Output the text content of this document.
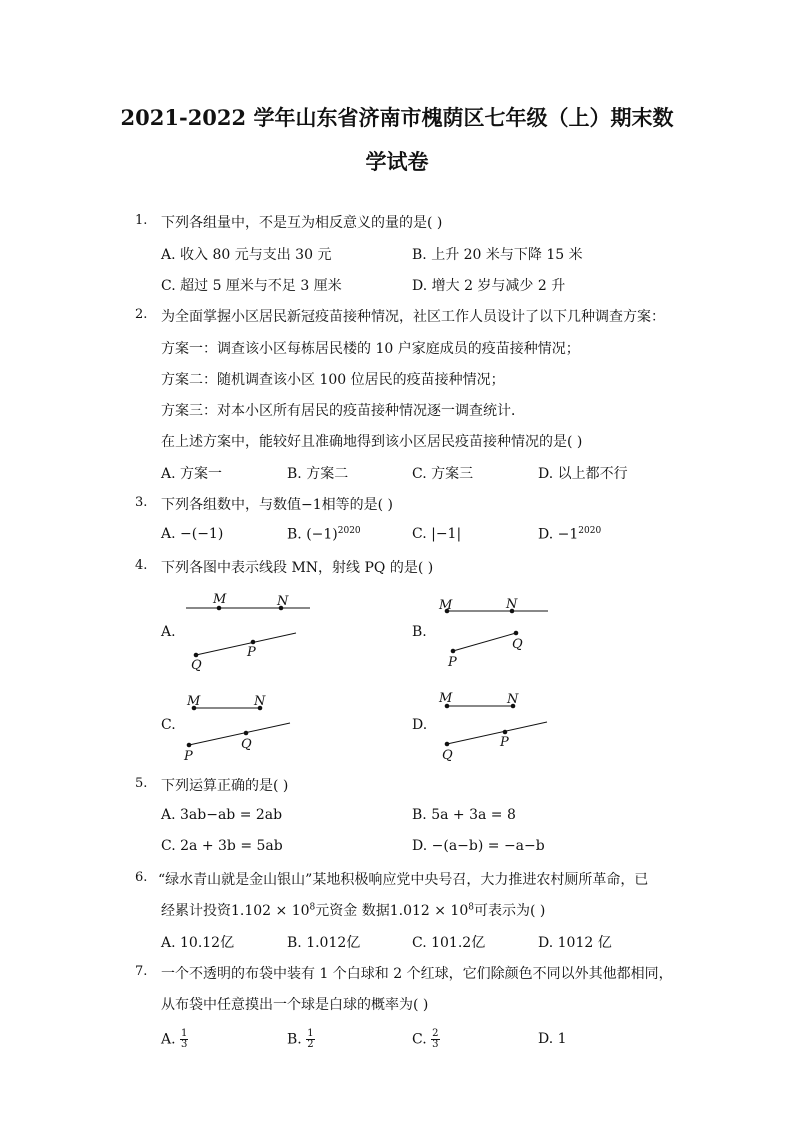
2021-2022 学年山东省济南市槐荫区七年级（上）期末数
学试卷
1. 下列各组量中，不是互为相反意义的量的是( )
A. 收入 80 元与支出 30 元	B. 上升 20 米与下降 15 米
C. 超过 5 厘米与不足 3 厘米	D. 增大 2 岁与减少 2 升
2. 为全面掌握小区居民新冠疫苗接种情况，社区工作人员设计了以下几种调查方案：
方案一：调查该小区每栋居民楼的 10 户家庭成员的疫苗接种情况；
方案二：随机调查该小区 100 位居民的疫苗接种情况；
方案三：对本小区所有居民的疫苗接种情况逐一调查统计．
在上述方案中，能较好且准确地得到该小区居民疫苗接种情况的是( )
A. 方案一	B. 方案二	C. 方案三	D. 以上都不行
3. 下列各组数中，与数值−1相等的是( )
A. −(−1)	B. $(-1)^{2020}$	C. |−1|	D. $-1^{2020}$
4. 下列各图中表示线段 MN，射线 PQ 的是( )
A.	B.
C.	D.
M	N
Q
P
M	N
P
Q
M	N
P
Q
M	N
Q
P
5. 下列运算正确的是( )
A. 3ab−ab = 2ab	B. 5a + 3a = 8
C. 2a + 3b = 5ab	D. −(a−b) = −a−b
6. “绿水青山就是金山银山”某地积极响应党中央号召，大力推进农村厕所革命，已
经累计投资$1.102 \times 10^8$元资金 数据$1.012 \times 10^8$可表示为( )
A. 10.12亿	B. 1.012亿	C. 101.2亿	D. 1012 亿
7. 一个不透明的布袋中装有 1 个白球和 2 个红球，它们除颜色不同以外其他都相同，
从布袋中任意摸出一个球是白球的概率为( )
A. $\frac{1}{3}$	B. $\frac{1}{2}$	C. $\frac{2}{3}$	D. 1
